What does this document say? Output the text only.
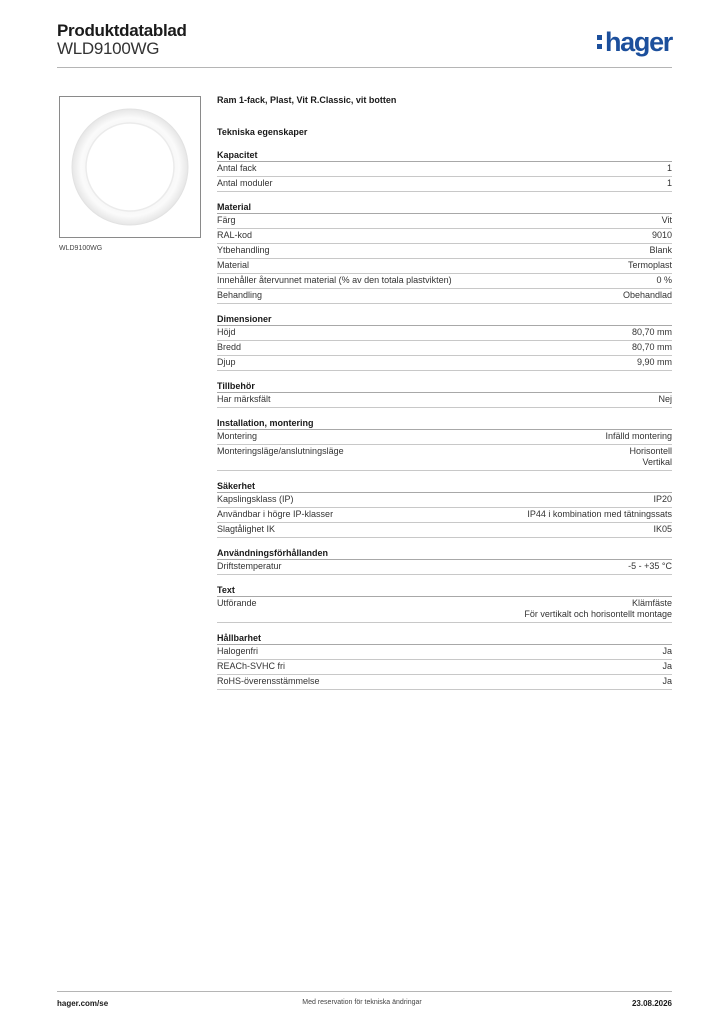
Produktdatablad
WLD9100WG	hager
WLD9100WG
Ram 1-fack, Plast, Vit R.Classic, vit botten
Tekniska egenskaper
Kapacitet
Antal fack	1
Antal moduler	1
Material
Färg	Vit
RAL-kod	9010
Ytbehandling	Blank
Material	Termoplast
Innehåller återvunnet material (% av den totala plastvikten)	0 %
Behandling	Obehandlad
Dimensioner
Höjd	80,70 mm
Bredd	80,70 mm
Djup	9,90 mm
Tillbehör
Har märksfält	Nej
Installation, montering
Montering	Infälld montering
Monteringsläge/anslutningsläge	Horisontell
Vertikal
Säkerhet
Kapslingsklass (IP)	IP20
Användbar i högre IP-klasser	IP44 i kombination med tätningssats
Slagtålighet IK	IK05
Användningsförhållanden
Driftstemperatur	-5 - +35 °C
Text
Utförande	Klämfäste
För vertikalt och horisontellt montage
Hållbarhet
Halogenfri	Ja
REACh-SVHC fri	Ja
RoHS-överensstämmelse	Ja
hager.com/se	Med reservation för tekniska ändringar	23.08.2026
